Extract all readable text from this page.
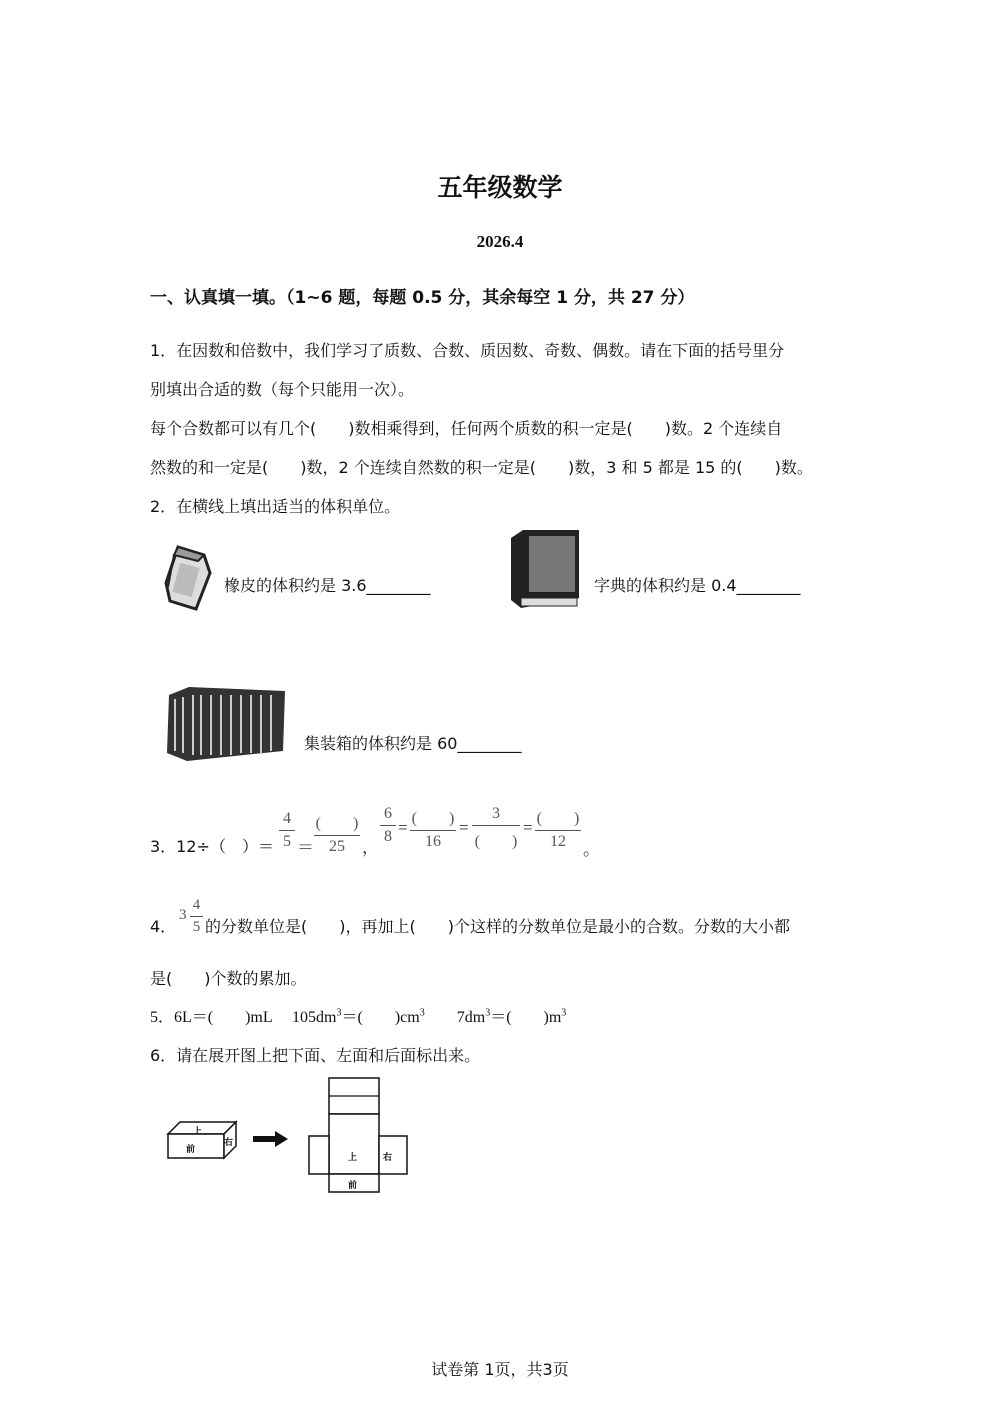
五年级数学
2026.4
一、认真填一填。（1~6 题，每题 0.5 分，其余每空 1 分，共 27 分）
1．在因数和倍数中，我们学习了质数、合数、质因数、奇数、偶数。请在下面的括号里分
别填出合适的数（每个只能用一次）。
每个合数都可以有几个(　　)数相乘得到，任何两个质数的积一定是(　　)数。2 个连续自
然数的和一定是(　　)数，2 个连续自然数的积一定是(　　)数，3 和 5 都是 15 的(　　)数。
2．在横线上填出适当的体积单位。
橡皮的体积约是 3.6________	字典的体积约是 0.4________
集装箱的体积约是 60________
3．12÷（　）＝
4
5 ＝
(　　)
25	，
6
8 = (　　)
16
=
3
(　　)
= (　　)
12	。
4．
3
4
5 的分数单位是(　　)，再加上(　　)个这样的分数单位是最小的合数。分数的大小都
是(　　)个数的累加。
5．6L＝(　　)mL　 $105dm^3=$(　　)$cm^3$　　$7dm^3=$(　　)$m^3$
6．请在展开图上把下面、左面和后面标出来。
上
前
右
上	右
前
试卷第 1页，共3页
